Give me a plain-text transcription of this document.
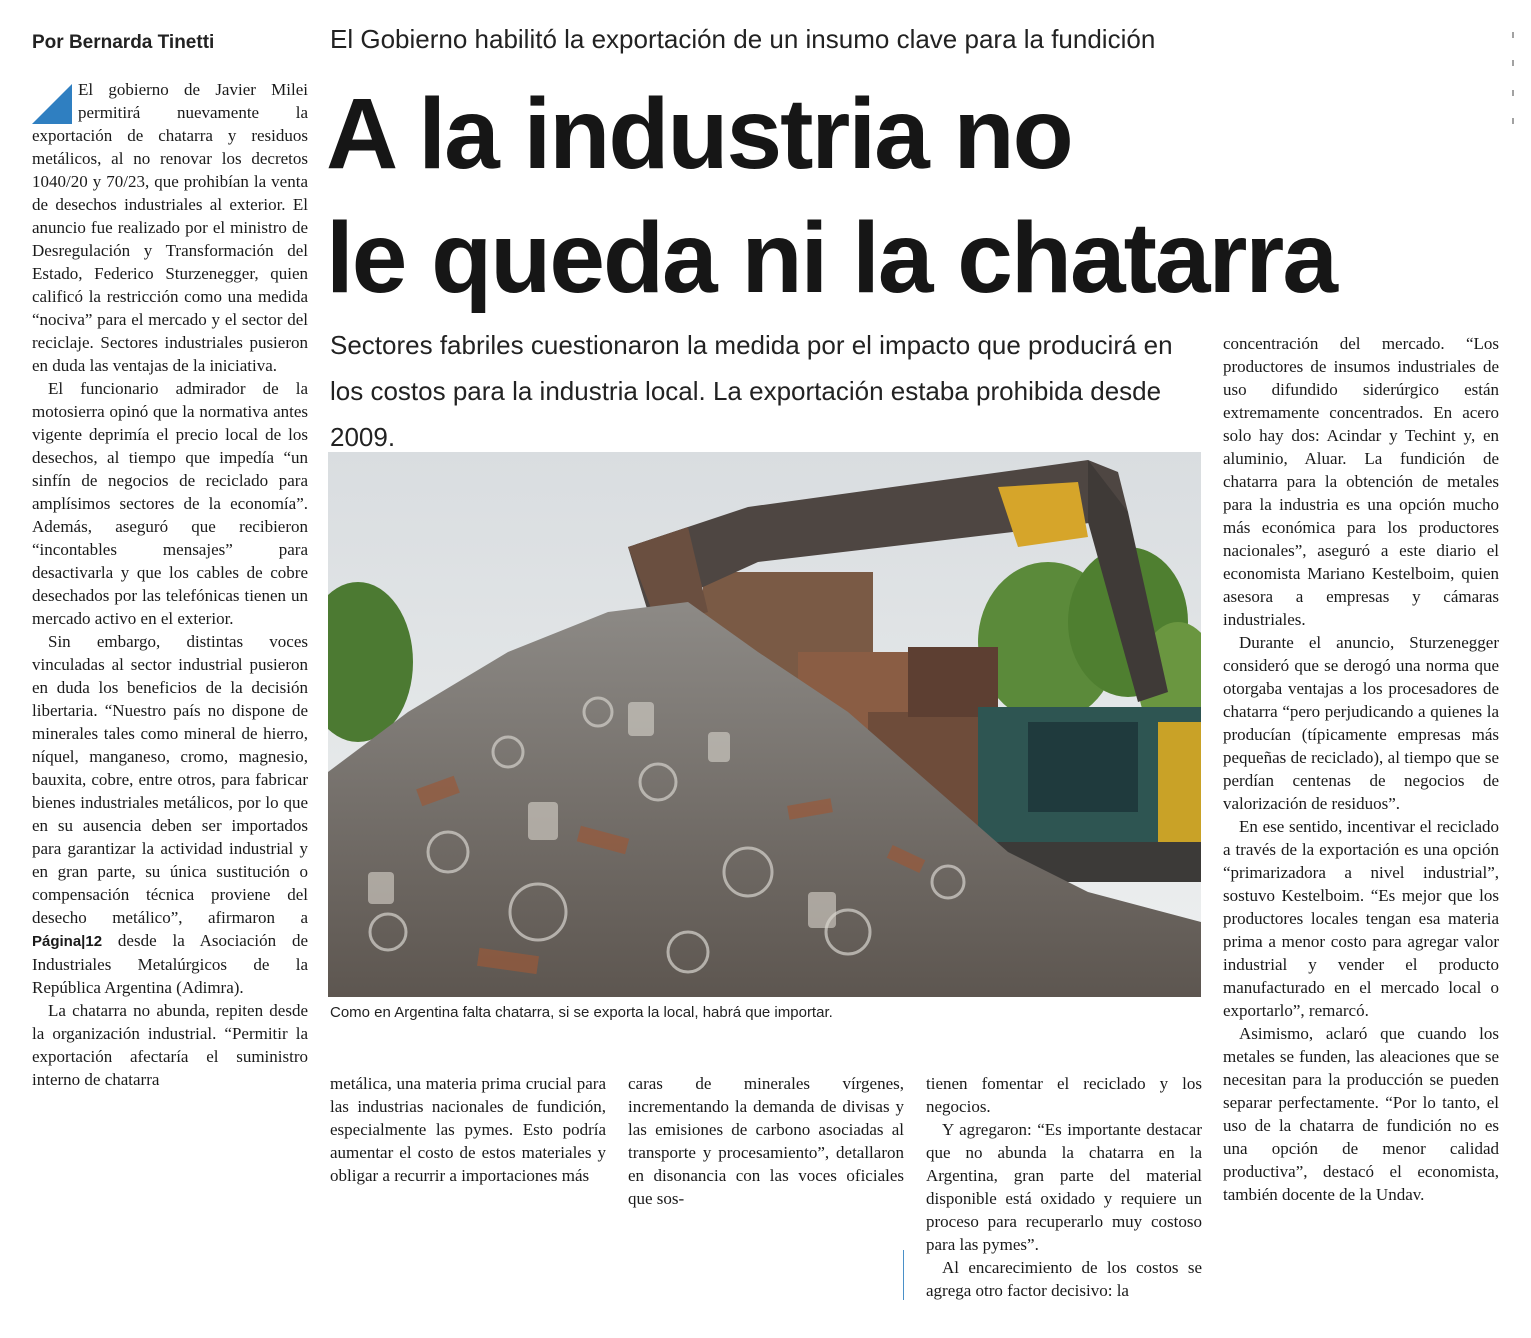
Por Bernarda Tinetti	El Gobierno habilitó la exportación de un insumo clave para la fundición
A la industria no
le queda ni la chatarra
Sectores fabriles cuestionaron la medida por el impacto que producirá en los costos para la industria local. La exportación estaba prohibida desde 2009.

El gobierno de Javier Milei permitirá nuevamente la exportación de chatarra y residuos metálicos, al no renovar los decretos 1040/20 y 70/23, que prohibían la venta de desechos industriales al exterior. El anuncio fue realizado por el ministro de Desregulación y Transformación del Estado, Federico Sturzenegger, quien calificó la restricción como una medida “nociva” para el mercado y el sector del reciclaje. Sectores industriales pusieron en duda las ventajas de la iniciativa.

El funcionario admirador de la motosierra opinó que la normativa antes vigente deprimía el precio local de los desechos, al tiempo que impedía “un sinfín de negocios de reciclado para amplísimos sectores de la economía”. Además, aseguró que recibieron “incontables mensajes” para desactivarla y que los cables de cobre desechados por las telefónicas tienen un mercado activo en el exterior.

Sin embargo, distintas voces vinculadas al sector industrial pusieron en duda los beneficios de la decisión libertaria. “Nuestro país no dispone de minerales tales como mineral de hierro, níquel, manganeso, cromo, magnesio, bauxita, cobre, entre otros, para fabricar bienes industriales metálicos, por lo que en su ausencia deben ser importados para garantizar la actividad industrial y en gran parte, su única sustitución o compensación técnica proviene del desecho metálico”, afirmaron a Página|12 desde la Asociación de Industriales Metalúrgicos de la República Argentina (Adimra).

La chatarra no abunda, repiten desde la organización industrial. “Permitir la exportación afectaría el suministro interno de chatarra

Como en Argentina falta chatarra, si se exporta la local, habrá que importar.

metálica, una materia prima crucial para las industrias nacionales de fundición, especialmente las pymes. Esto podría aumentar el costo de estos materiales y obligar a recurrir a importaciones más

caras de minerales vírgenes, incrementando la demanda de divisas y las emisiones de carbono asociadas al transporte y procesamiento”, detallaron en disonancia con las voces oficiales que sos-

tienen fomentar el reciclado y los negocios.

Y agregaron: “Es importante destacar que no abunda la chatarra en la Argentina, gran parte del material disponible está oxidado y requiere un proceso para recuperarlo muy costoso para las pymes”.

Al encarecimiento de los costos se agrega otro factor decisivo: la

concentración del mercado. “Los productores de insumos industriales de uso difundido siderúrgico están extremamente concentrados. En acero solo hay dos: Acindar y Techint y, en aluminio, Aluar. La fundición de chatarra para la obtención de metales para la industria es una opción mucho más económica para los productores nacionales”, aseguró a este diario el economista Mariano Kestelboim, quien asesora a empresas y cámaras industriales.

Durante el anuncio, Sturzenegger consideró que se derogó una norma que otorgaba ventajas a los procesadores de chatarra “pero perjudicando a quienes la producían (típicamente empresas más pequeñas de reciclado), al tiempo que se perdían centenas de negocios de valorización de residuos”.

En ese sentido, incentivar el reciclado a través de la exportación es una opción “primarizadora a nivel industrial”, sostuvo Kestelboim. “Es mejor que los productores locales tengan esa materia prima a menor costo para agregar valor industrial y vender el producto manufacturado en el mercado local o exportarlo”, remarcó.

Asimismo, aclaró que cuando los metales se funden, las aleaciones que se necesitan para la producción se pueden separar perfectamente. “Por lo tanto, el uso de la chatarra de fundición no es una opción de menor calidad productiva”, destacó el economista, también docente de la Undav.
